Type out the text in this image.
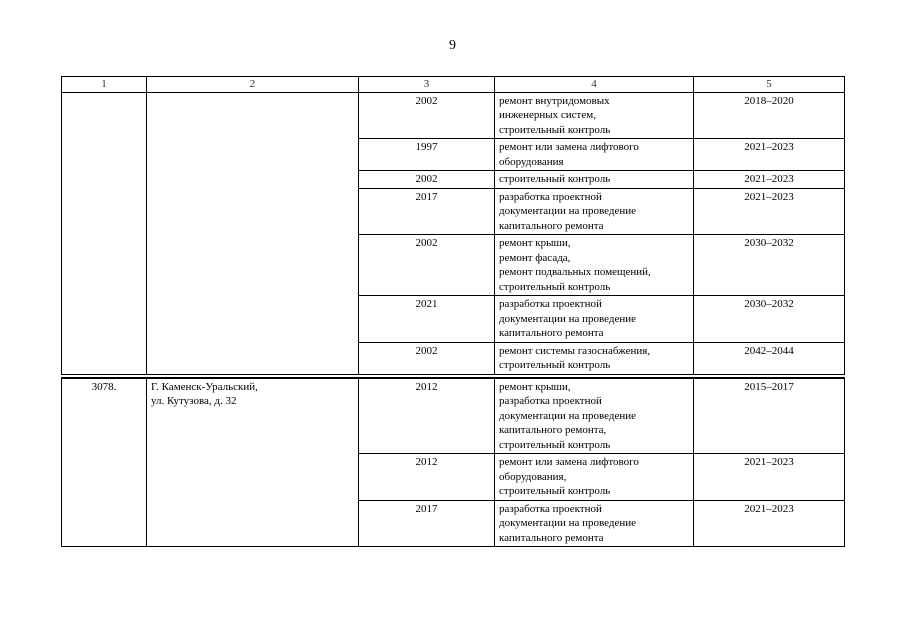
9
1	2	3	4	5
		2002	ремонт внутридомовых
инженерных систем,
строительный контроль	2018–2020
		1997	ремонт или замена лифтового
оборудования	2021–2023
		2002	строительный контроль	2021–2023
		2017	разработка проектной
документации на проведение
капитального ремонта	2021–2023
		2002	ремонт крыши,
ремонт фасада,
ремонт подвальных помещений,
строительный контроль	2030–2032
		2021	разработка проектной
документации на проведение
капитального ремонта	2030–2032
		2002	ремонт системы газоснабжения,
строительный контроль	2042–2044

3078.	Г. Каменск-Уральский,
ул. Кутузова, д. 32	2012	ремонт крыши,
разработка проектной
документации на проведение
капитального ремонта,
строительный контроль	2015–2017
		2012	ремонт или замена лифтового
оборудования,
строительный контроль	2021–2023
		2017	разработка проектной
документации на проведение
капитального ремонта	2021–2023
